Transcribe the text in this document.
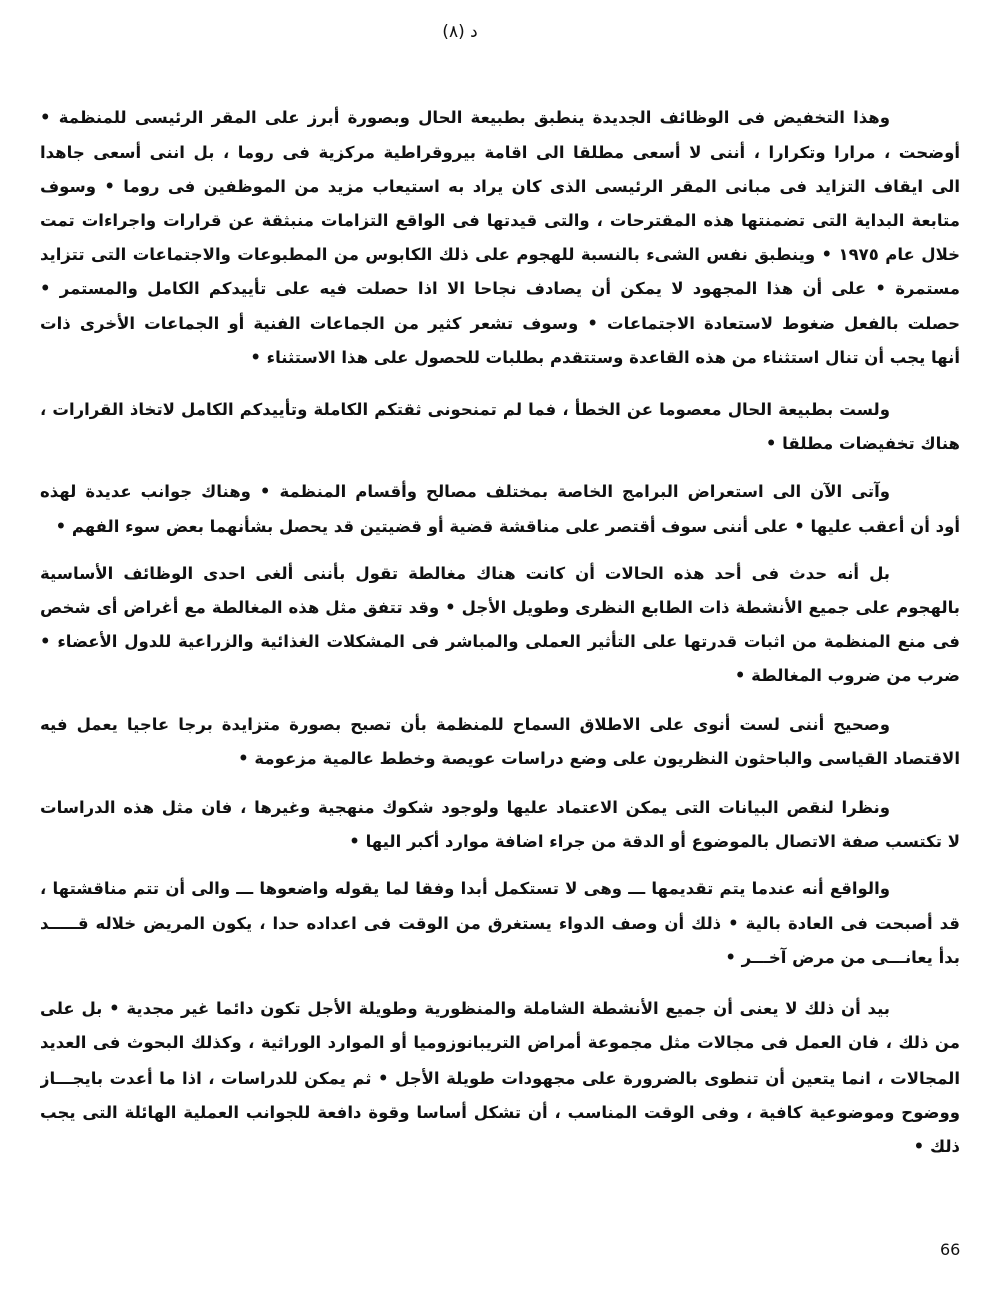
د (٨)
وهذا التخفيض فى الوظائف الجديدة ينطبق بطبيعة الحال وبصورة أبرز على المقر الرئيسى للمنظمة •
أوضحت ، مرارا وتكرارا ، أننى لا أسعى مطلقا الى اقامة بيروقراطية مركزية فى روما ، بل اننى أسعى جاهدا
الى ايقاف التزايد فى مبانى المقر الرئيسى الذى كان يراد به استيعاب مزيد من الموظفين فى روما • وسوف
متابعة البداية التى تضمنتها هذه المقترحات ، والتى قيدتها فى الواقع التزامات منبثقة عن قرارات واجراءات تمت
خلال عام ١٩٧٥ • وينطبق نفس الشىء بالنسبة للهجوم على ذلك الكابوس من المطبوعات والاجتماعات التى تتزايد
مستمرة • على أن هذا المجهود لا يمكن أن يصادف نجاحا الا اذا حصلت فيه على تأييدكم الكامل والمستمر •
حصلت بالفعل ضغوط لاستعادة الاجتماعات • وسوف تشعر كثير من الجماعات الفنية أو الجماعات الأخرى ذات
أنها يجب أن تنال استثناء من هذه القاعدة وستتقدم بطلبات للحصول على هذا الاستثناء •
ولست بطبيعة الحال معصوما عن الخطأ ، فما لم تمنحونى ثقتكم الكاملة وتأييدكم الكامل لاتخاذ القرارات ،
هناك تخفيضات مطلقا •
وآتى الآن الى استعراض البرامج الخاصة بمختلف مصالح وأقسام المنظمة • وهناك جوانب عديدة لهذه
أود أن أعقب عليها • على أننى سوف أقتصر على مناقشة قضية أو قضيتين قد يحصل بشأنهما بعض سوء الفهم •
بل أنه حدث فى أحد هذه الحالات أن كانت هناك مغالطة تقول بأننى ألغى احدى الوظائف الأساسية
بالهجوم على جميع الأنشطة ذات الطابع النظرى وطويل الأجل • وقد تتفق مثل هذه المغالطة مع أغراض أى شخص
فى منع المنظمة من اثبات قدرتها على التأثير العملى والمباشر فى المشكلات الغذائية والزراعية للدول الأعضاء •
ضرب من ضروب المغالطة •
وصحيح أننى لست أنوى على الاطلاق السماح للمنظمة بأن تصبح بصورة متزايدة برجا عاجيا يعمل فيه
الاقتصاد القياسى والباحثون النظريون على وضع دراسات عويصة وخطط عالمية مزعومة •
ونظرا لنقص البيانات التى يمكن الاعتماد عليها ولوجود شكوك منهجية وغيرها ، فان مثل هذه الدراسات
لا تكتسب صفة الاتصال بالموضوع أو الدقة من جراء اضافة موارد أكبر اليها •
والواقع أنه عندما يتم تقديمها ـــ وهى لا تستكمل أبدا وفقا لما يقوله واضعوها ـــ والى أن تتم مناقشتها ،
قد أصبحت فى العادة بالية • ذلك أن وصف الدواء يستغرق من الوقت فى اعداده حدا ، يكون المريض خلاله قـــــد
بدأ يعانـــى من مرض آخـــر •
بيد أن ذلك لا يعنى أن جميع الأنشطة الشاملة والمنظورية وطويلة الأجل تكون دائما غير مجدية • بل على
من ذلك ، فان العمل فى مجالات مثل مجموعة أمراض التريبانوزوميا أو الموارد الوراثية ، وكذلك البحوث فى العديد
المجالات ، انما يتعين أن تنطوى بالضرورة على مجهودات طويلة الأجل • ثم يمكن للدراسات ، اذا ما أعدت بايجـــاز
ووضوح وموضوعية كافية ، وفى الوقت المناسب ، أن تشكل أساسا وقوة دافعة للجوانب العملية الهائلة التى يجب
ذلك •
66
